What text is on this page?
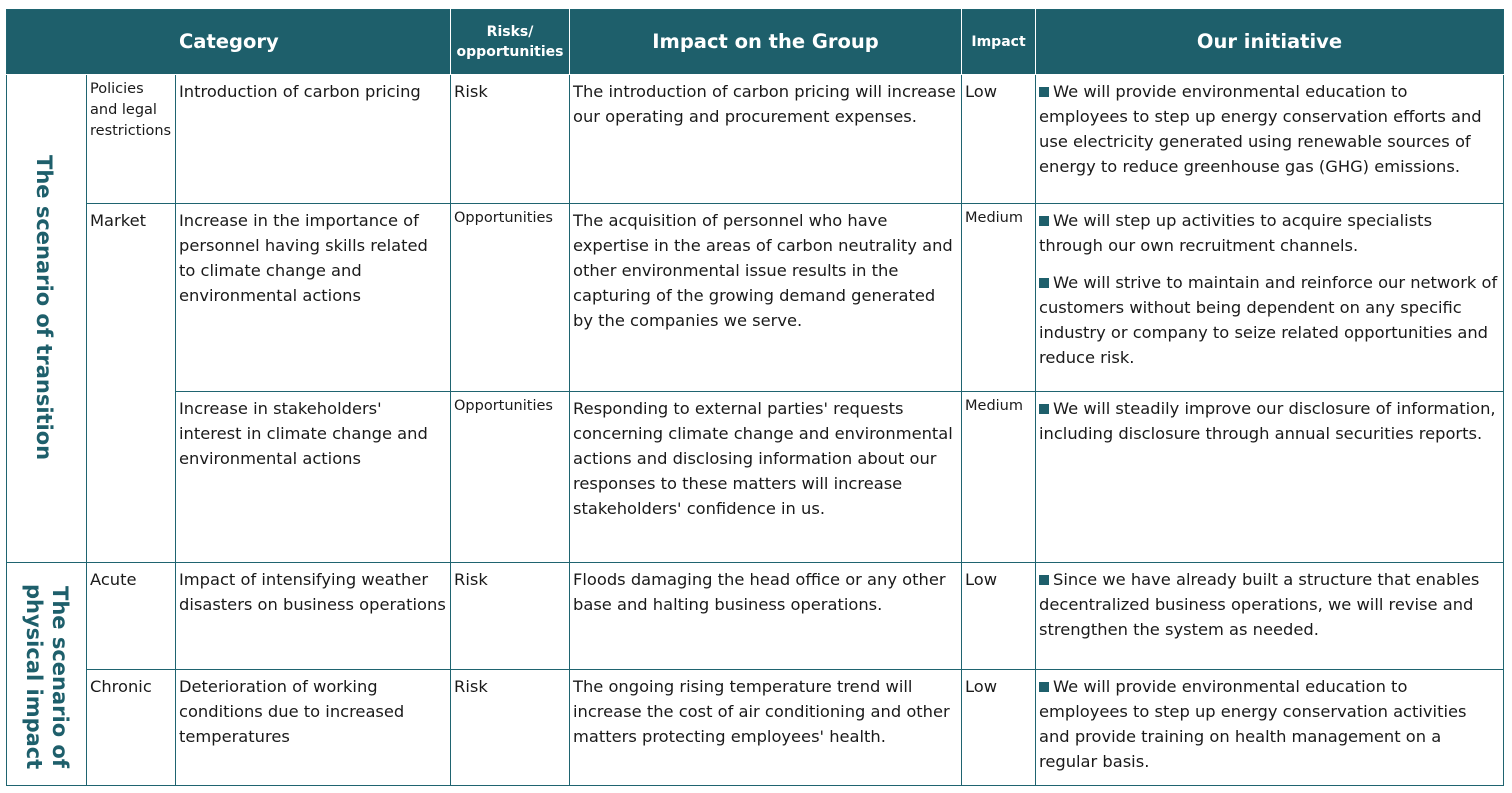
Category			Risks/ opportunities	Impact on the Group	Impact	Our initiative

The scenario of transition	Policies and legal restrictions	Introduction of carbon pricing	Risk	The introduction of carbon pricing will increase our operating and procurement expenses.	Low	We will provide environmental education to employees to step up energy conservation efforts and use electricity generated using renewable sources of energy to reduce greenhouse gas (GHG) emissions.

	Market	Increase in the importance of personnel having skills related to climate change and environmental actions	Opportunities	The acquisition of personnel who have expertise in the areas of carbon neutrality and other environmental issue results in the capturing of the growing demand generated by the companies we serve.	Medium	We will step up activities to acquire specialists through our own recruitment channels.
We will strive to maintain and reinforce our network of customers without being dependent on any specific industry or company to seize related opportunities and reduce risk.

		Increase in stakeholders' interest in climate change and environmental actions	Opportunities	Responding to external parties' requests concerning climate change and environmental actions and disclosing information about our responses to these matters will increase stakeholders' confidence in us.	Medium	We will steadily improve our disclosure of information, including disclosure through annual securities reports.

The scenario of physical impact	Acute	Impact of intensifying weather disasters on business operations	Risk	Floods damaging the head office or any other base and halting business operations.	Low	Since we have already built a structure that enables decentralized business operations, we will revise and strengthen the system as needed.

	Chronic	Deterioration of working conditions due to increased temperatures	Risk	The ongoing rising temperature trend will increase the cost of air conditioning and other matters protecting employees' health.	Low	We will provide environmental education to employees to step up energy conservation activities and provide training on health management on a regular basis.
